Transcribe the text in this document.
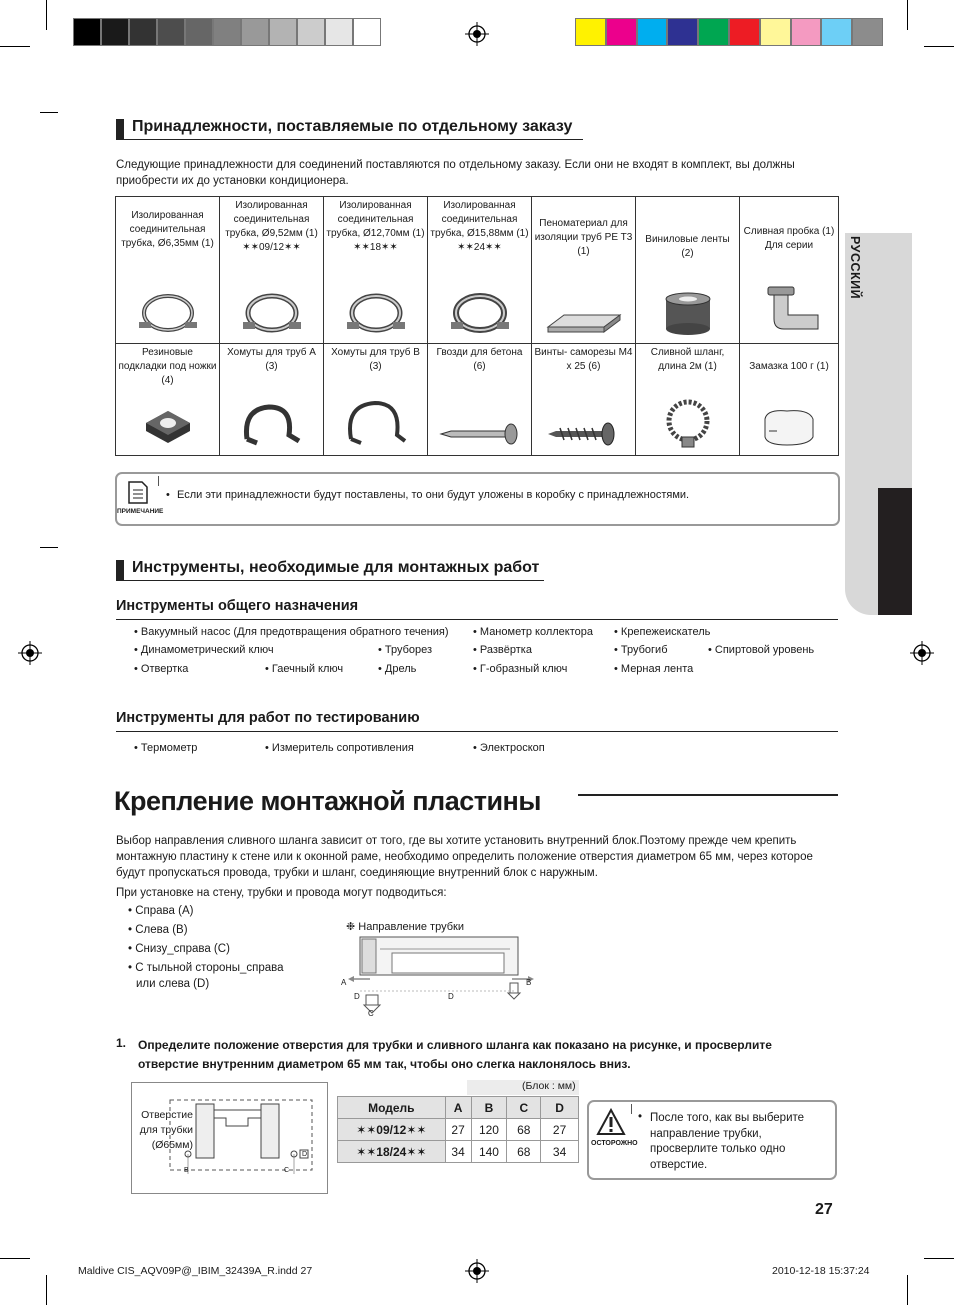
РУССКИЙ
Принадлежности, поставляемые по отдельному заказу
Следующие принадлежности для соединений поставляются по отдельному заказу. Если они не входят в комплект, вы должны приобрести их до установки кондиционера.
Изолированная соединительная трубка, Ø6,35мм (1)	Изолированная соединительная трубка, Ø9,52мм (1) ✶✶09/12✶✶	Изолированная соединительная трубка, Ø12,70мм (1) ✶✶18✶✶	Изолированная соединительная трубка, Ø15,88мм (1) ✶✶24✶✶	Пеноматериал для изоляции труб PE T3 (1)	Виниловые ленты (2)	Сливная пробка (1) Для серии

Резиновые подкладки под ножки (4)	Хомуты для труб A (3)	Хомуты для труб B (3)	Гвозди для бетона (6)	Винты- саморезы M4 x 25 (6)	Сливной шланг, длина 2м (1)	Замазка 100 г (1)
ПРИМЕЧАНИЕ
• Если эти принадлежности будут поставлены, то они будут уложены в коробку с принадлежностями.
Инструменты, необходимые для монтажных работ
Инструменты общего назначения
• Вакуумный насос (Для предотвращения обратного течения) • Манометр коллектора • Крепежеискатель
• Динамометрический ключ	• Труборез	• Развёртка	• Трубогиб	• Спиртовой уровень
• Отвертка	• Гаечный ключ	• Дрель	• Г-образный ключ	• Мерная лента
Инструменты для работ по тестированию
• Термометр	• Измеритель сопротивления	• Электроскоп
Крепление монтажной пластины
Выбор направления сливного шланга зависит от того, где вы хотите установить внутренний блок.Поэтому прежде чем крепить монтажную пластину к стене или к оконной раме, необходимо определить положение отверстия диаметром 65 мм, через которое будут пропускаться провода, трубки и шланг, соединяющие внутренний блок с наружным.
При установке на стену, трубки и провода могут подводиться:
• Справа (A)
• Слева (B)
• Снизу_справа (C)
• С тыльной стороны_справа
или слева (D)
❉ Направление трубки
A	B
D	D
C
1. Определите положение отверстия для трубки и сливного шланга как показано на рисунке, и просверлите отверстие внутренним диаметром 65 мм так, чтобы оно слегка наклонялось вниз.
Отверстие для трубки (Ø65мм)
B	C
D
(Блок : мм)
Модель	A	B	C	D
✶✶09/12✶✶	27	120	68	27
✶✶18/24✶✶	34	140	68	34
ОСТОРОЖНО
• После того, как вы выберите направление трубки, просверлите только одно отверстие.
27
Maldive CIS_AQV09P@_IBIM_32439A_R.indd 27	2010-12-18 15:37:24
